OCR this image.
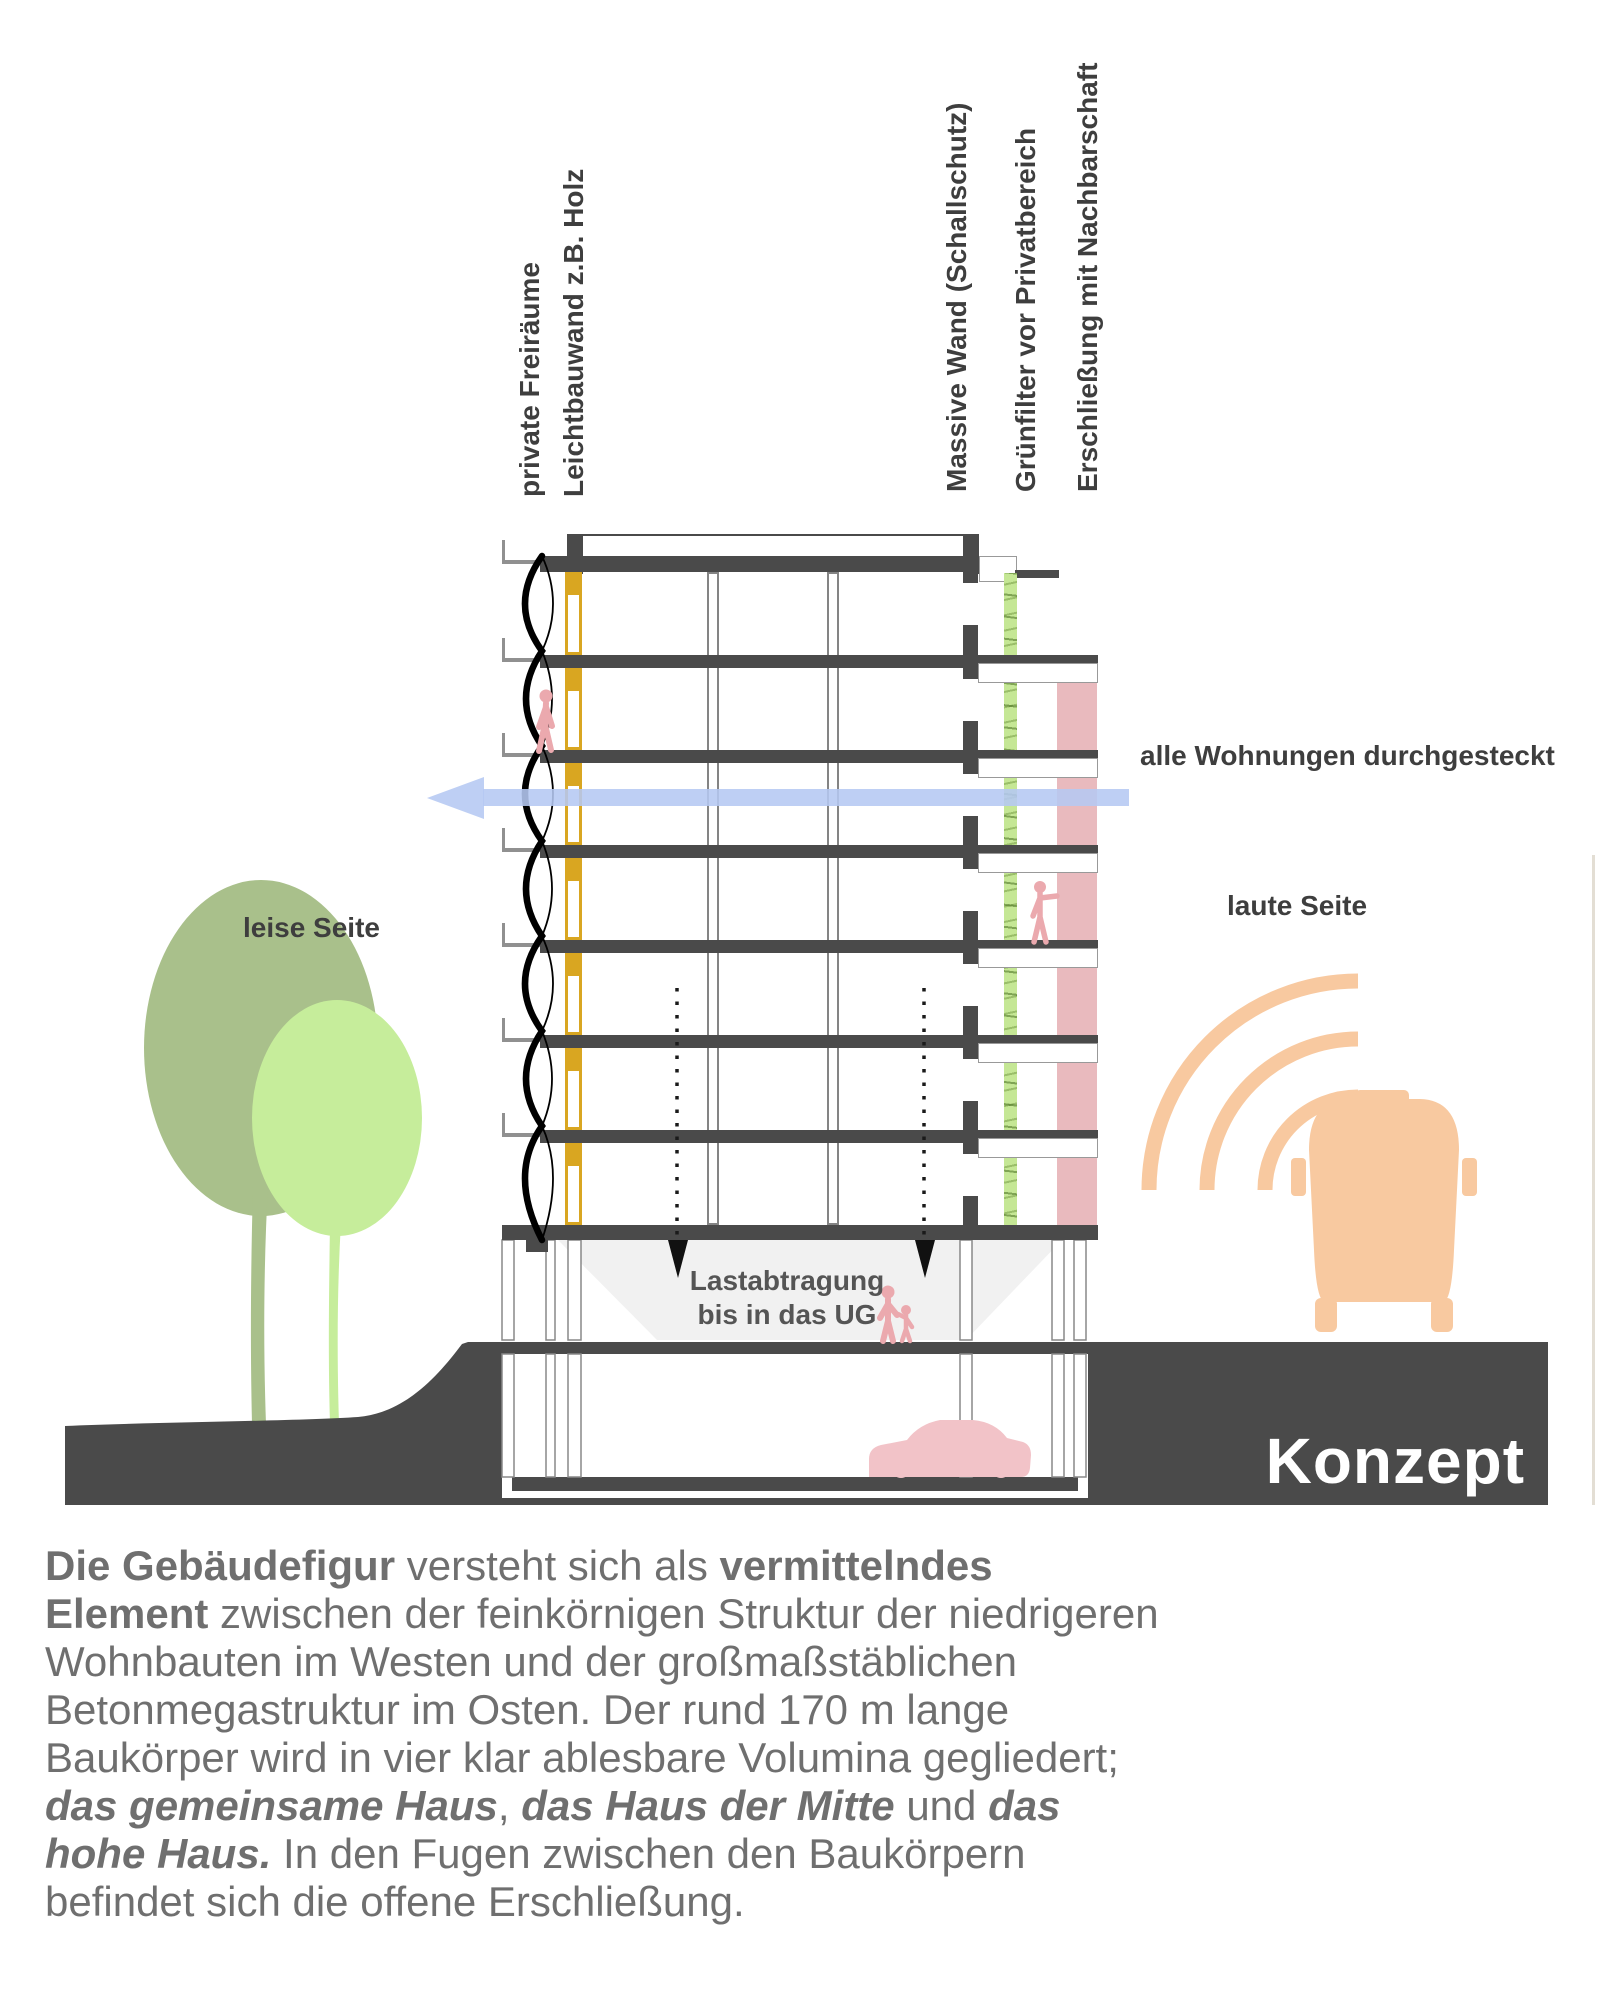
private Freiräume Leichtbauwand z.B. Holz	Massive Wand (Schallschutz) Grünfilter vor Privatbereich Erschließung mit Nachbarschaft
alle Wohnungen durchgesteckt
leise Seite
laute Seite
Lastabtragung
bis in das UG
Konzept
Die Gebäudefigur versteht sich als vermittelndes
Element zwischen der feinkörnigen Struktur der niedrigeren
Wohnbauten im Westen und der großmaßstäblichen
Betonmegastruktur im Osten. Der rund 170 m lange
Baukörper wird in vier klar ablesbare Volumina gegliedert;
das gemeinsame Haus, das Haus der Mitte und das
hohe Haus. In den Fugen zwischen den Baukörpern
befindet sich die offene Erschließung.
